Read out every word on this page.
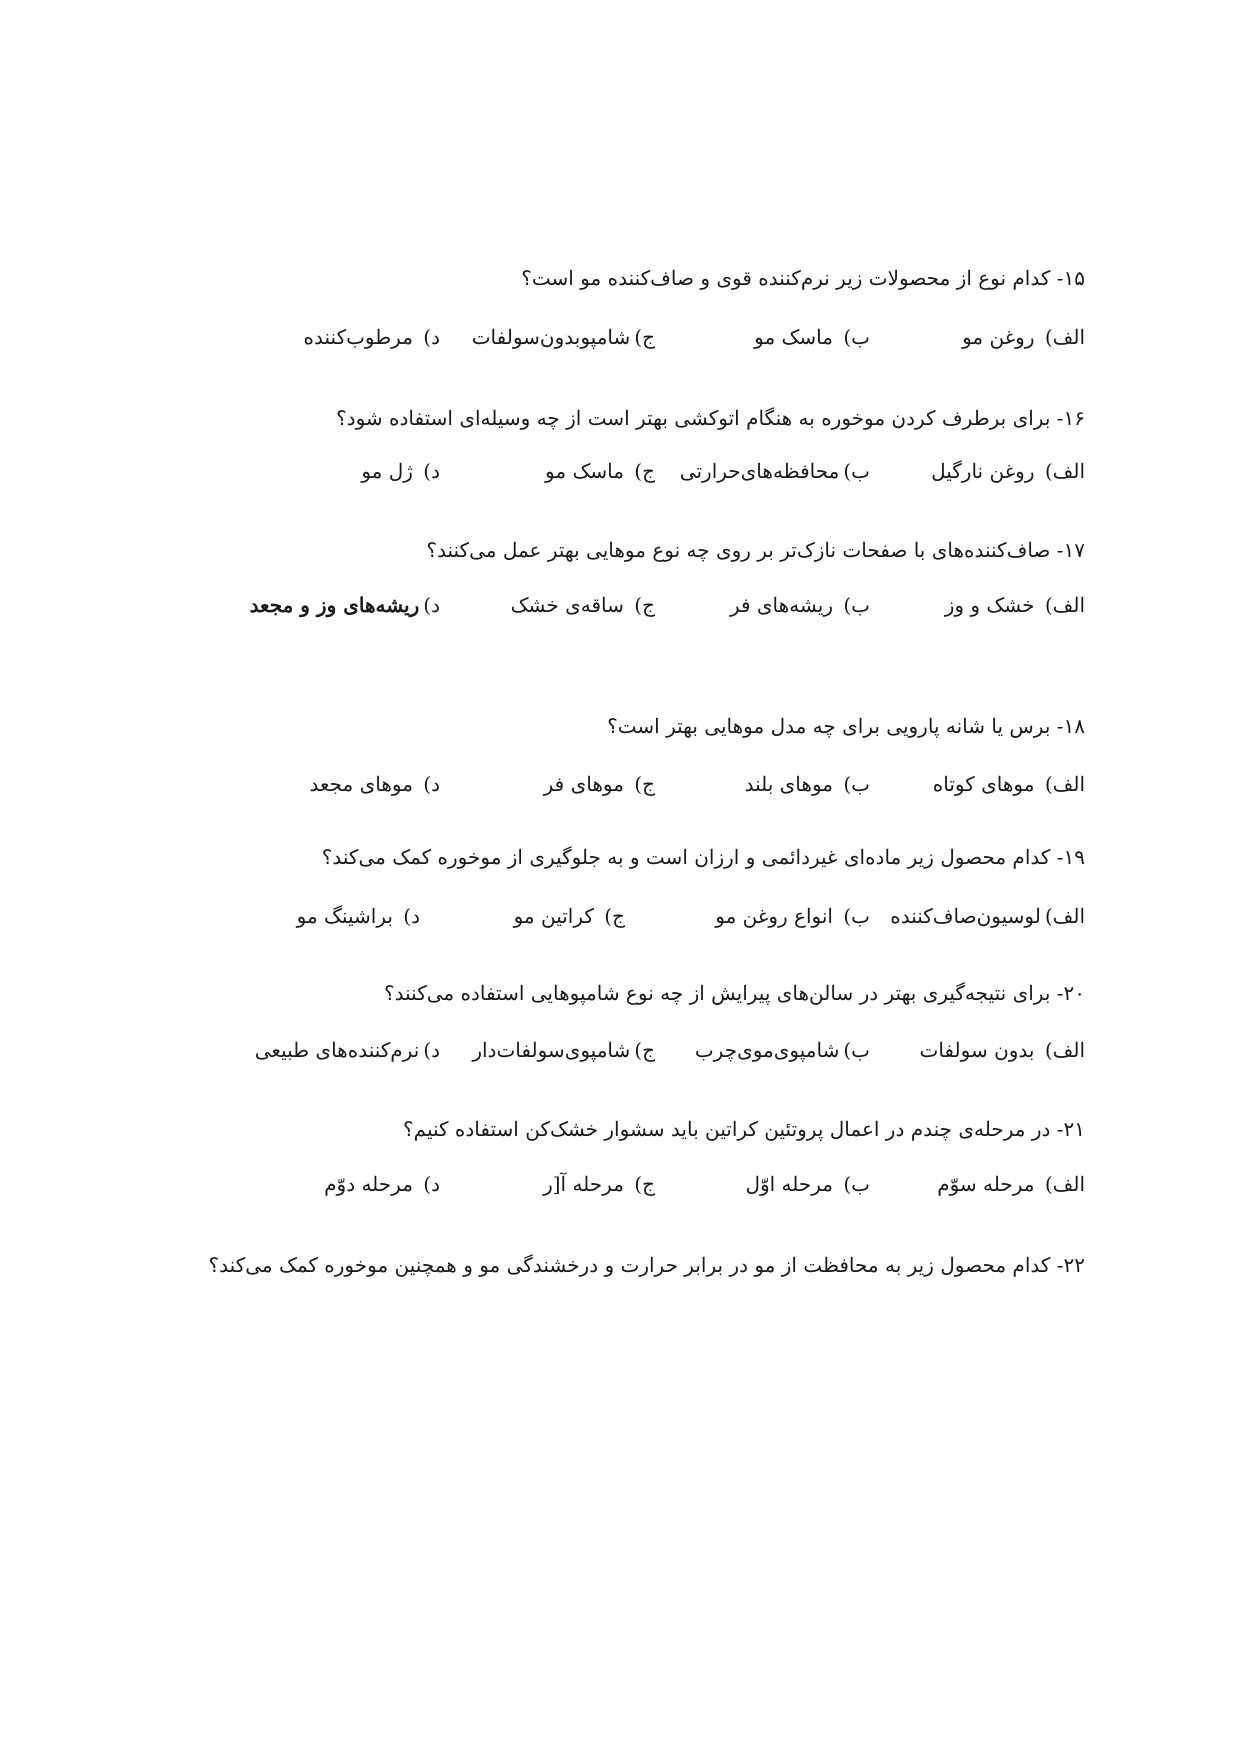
۱۵- کدام نوع از محصولات زیر نرم‌کننده قوی و صاف‌کننده مو است؟
الف) روغن مو
ب) ماسک مو
ج)شامپوبدون‌سولفات
د) مرطوب‌کننده
۱۶- برای برطرف کردن موخوره به هنگام اتوکشی بهتر است از چه وسیله‌ای استفاده شود؟
الف) روغن نارگیل
ب)محافظه‌های‌حرارتی
ج) ماسک مو
د) ژل مو
۱۷- صاف‌کننده‌های با صفحات نازک‌تر بر روی چه نوع موهایی بهتر عمل می‌کنند؟
الف) خشک و وز
ب) ریشه‌های فر
ج) ساقه‌ی خشک
د)ریشه‌های وز و مجعد
۱۸- برس یا شانه پارویی برای چه مدل موهایی بهتر است؟
الف) موهای کوتاه
ب) موهای بلند
ج) موهای فر
د) موهای مجعد
۱۹- کدام محصول زیر ماده‌ای غیردائمی و ارزان است و به جلوگیری از موخوره کمک می‌کند؟
الف)لوسیون‌صاف‌کننده
ب) انواع روغن مو
ج) کراتین مو
د) براشینگ مو
۲۰- برای نتیجه‌گیری بهتر در سالن‌های پیرایش از چه نوع شامپوهایی استفاده می‌کنند؟
الف) بدون سولفات
ب)شامپوی‌موی‌چرب
ج)شامپوی‌سولفات‌دار
د)نرم‌کننده‌های طبیعی
۲۱- در مرحله‌ی چندم در اعمال پروتئین کراتین باید سشوار خشک‌کن استفاده کنیم؟
الف) مرحله سوّم
ب) مرحله اوّل
ج) مرحله آ[ر
د) مرحله دوّم
۲۲- کدام محصول زیر به محافظت از مو در برابر حرارت و درخشندگی مو و همچنین موخوره کمک می‌کند؟
